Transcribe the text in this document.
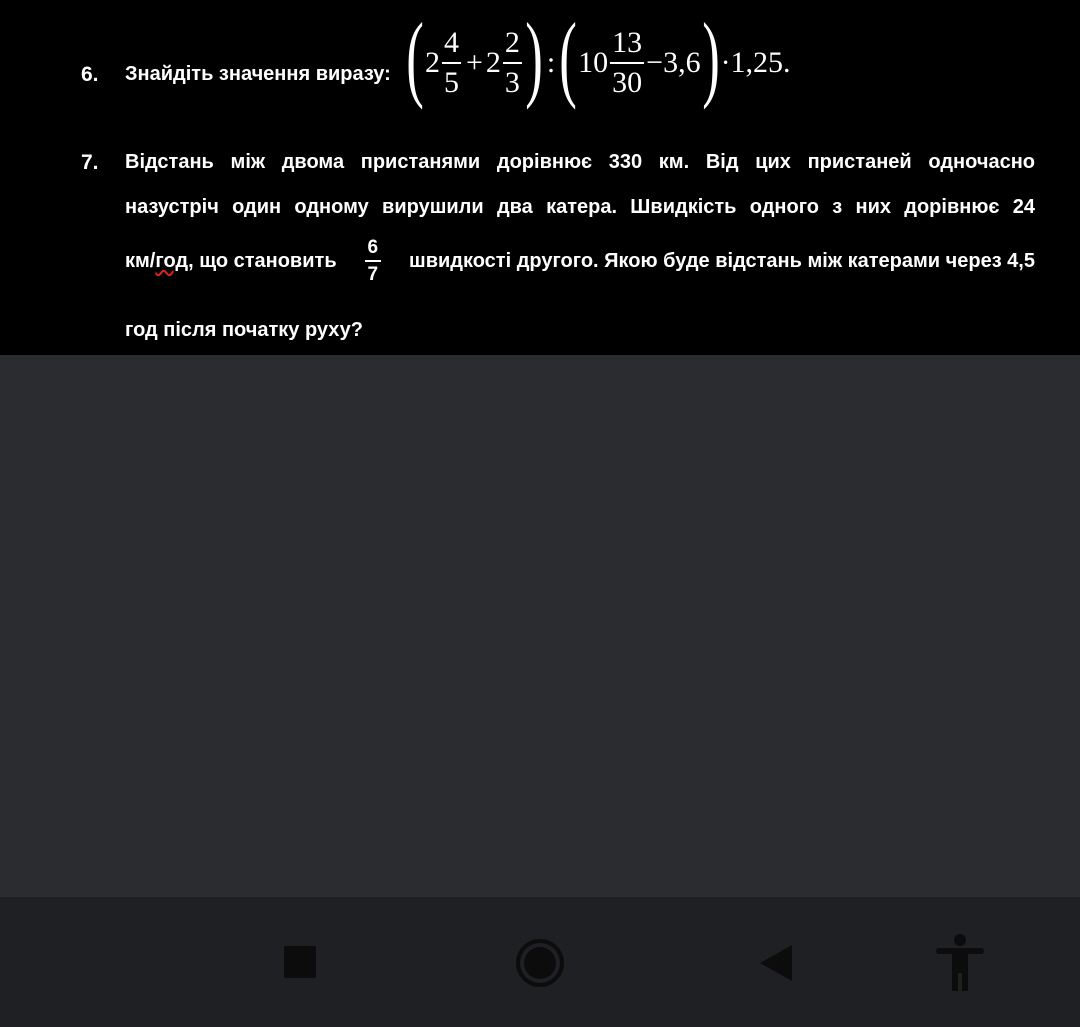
6. Знайдіть значення виразу: ( $2 \frac{4}{5} + 2 \frac{2}{3}$ ) : ( $10 \frac{13}{30} -3,6$ ) ·1,25.
7. Відстань між двома пристанями дорівнює 330 км. Від цих пристаней одночасно
назустріч один одному вирушили два катера. Швидкість одного з них дорівнює 24
км/год, що становить
6
7
швидкості другого. Якою буде відстань між катерами через 4,5
год після початку руху?
